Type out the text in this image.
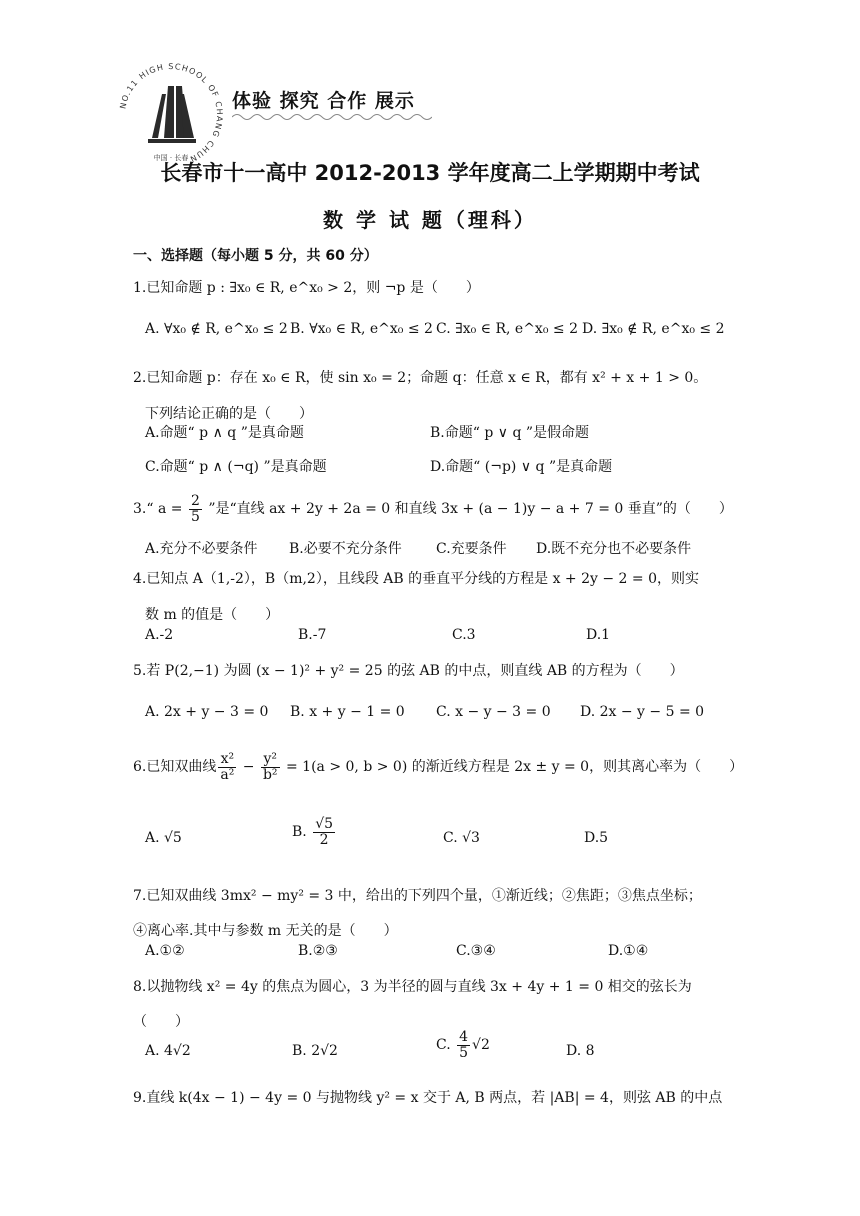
NO.11 HIGH SCHOOL OF CHANG CHUN
中国 · 长春
体验 探究 合作 展示
长春市十一高中 2012-2013 学年度高二上学期期中考试
数 学 试 题（理科）
一、选择题（每小题 5 分，共 60 分）
1.已知命题 p : ∃x₀ ∈ R, e^x₀ > 2，则 ¬p 是（　　）
A. ∀x₀ ∉ R, e^x₀ ≤ 2 B. ∀x₀ ∈ R, e^x₀ ≤ 2 C. ∃x₀ ∈ R, e^x₀ ≤ 2 D. ∃x₀ ∉ R, e^x₀ ≤ 2
2.已知命题 p：存在 x₀ ∈ R，使 sin x₀ = 2；命题 q：任意 x ∈ R，都有 x² + x + 1 > 0。
下列结论正确的是（　　）
A.命题“ p ∧ q ”是真命题	B.命题“ p ∨ q ”是假命题
C.命题“ p ∧ (¬q) ”是真命题	D.命题“ (¬p) ∨ q ”是真命题
3.“ $a = \frac{2}{5}$ ”是“直线 ax + 2y + 2a = 0 和直线 3x + (a − 1)y − a + 7 = 0 垂直”的（　　）
A.充分不必要条件 B.必要不充分条件 C.充要条件 D.既不充分也不必要条件
4.已知点 A（1,-2），B（m,2），且线段 AB 的垂直平分线的方程是 x + 2y − 2 = 0，则实
数 m 的值是（　　）
A.-2	B.-7	C.3	D.1
5.若 P(2,−1) 为圆 (x − 1)² + y² = 25 的弦 AB 的中点，则直线 AB 的方程为（　　）
A. 2x + y − 3 = 0 B. x + y − 1 = 0 C. x − y − 3 = 0 D. 2x − y − 5 = 0
6.已知双曲线 $\frac{\text{x²}}{\text{a²}} - \frac{\text{y²}}{\text{b²}} = 1(a > 0$, b > 0) 的渐近线方程是 2x ± y = 0，则其离心率为（　　）
A. √5	B. $\frac{√5}{2}$	C. √3	D.5
7.已知双曲线 3mx² − my² = 3 中，给出的下列四个量，①渐近线；②焦距；③焦点坐标；
④离心率.其中与参数 m 无关的是（　　）
A.①②	B.②③	C.③④	D.①④
8.以抛物线 x² = 4y 的焦点为圆心，3 为半径的圆与直线 3x + 4y + 1 = 0 相交的弦长为
（　　）
A. 4√2	B. 2√2	C. $\frac{4}{5} √2$	D. 8
9.直线 k(4x − 1) − 4y = 0 与抛物线 y² = x 交于 A, B 两点，若 |AB| = 4，则弦 AB 的中点
